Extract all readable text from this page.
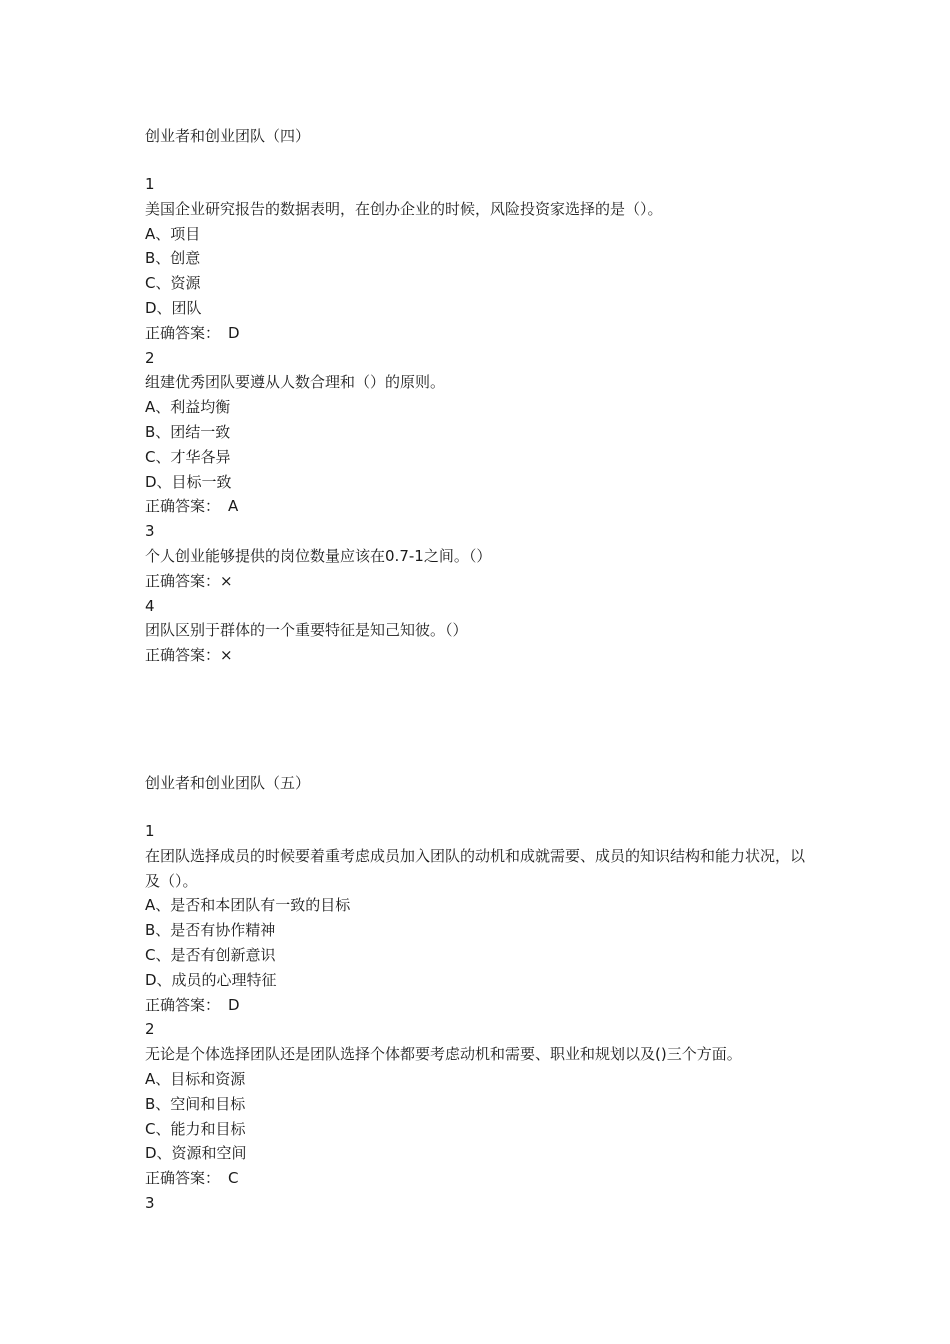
创业者和创业团队（四）

1

美国企业研究报告的数据表明，在创办企业的时候，风险投资家选择的是（）。

A、项目

B、创意

C、资源

D、团队

正确答案： D

2

组建优秀团队要遵从人数合理和（）的原则。

A、利益均衡

B、团结一致

C、才华各异

D、目标一致

正确答案： A

3

个人创业能够提供的岗位数量应该在0.7-1之间。（）

正确答案：×

4

团队区别于群体的一个重要特征是知己知彼。（）

正确答案：×

创业者和创业团队（五）

1

在团队选择成员的时候要着重考虑成员加入团队的动机和成就需要、成员的知识结构和能力状况，以及（）。

A、是否和本团队有一致的目标

B、是否有协作精神

C、是否有创新意识

D、成员的心理特征

正确答案： D

2

无论是个体选择团队还是团队选择个体都要考虑动机和需要、职业和规划以及()三个方面。

A、目标和资源

B、空间和目标

C、能力和目标

D、资源和空间

正确答案： C

3
